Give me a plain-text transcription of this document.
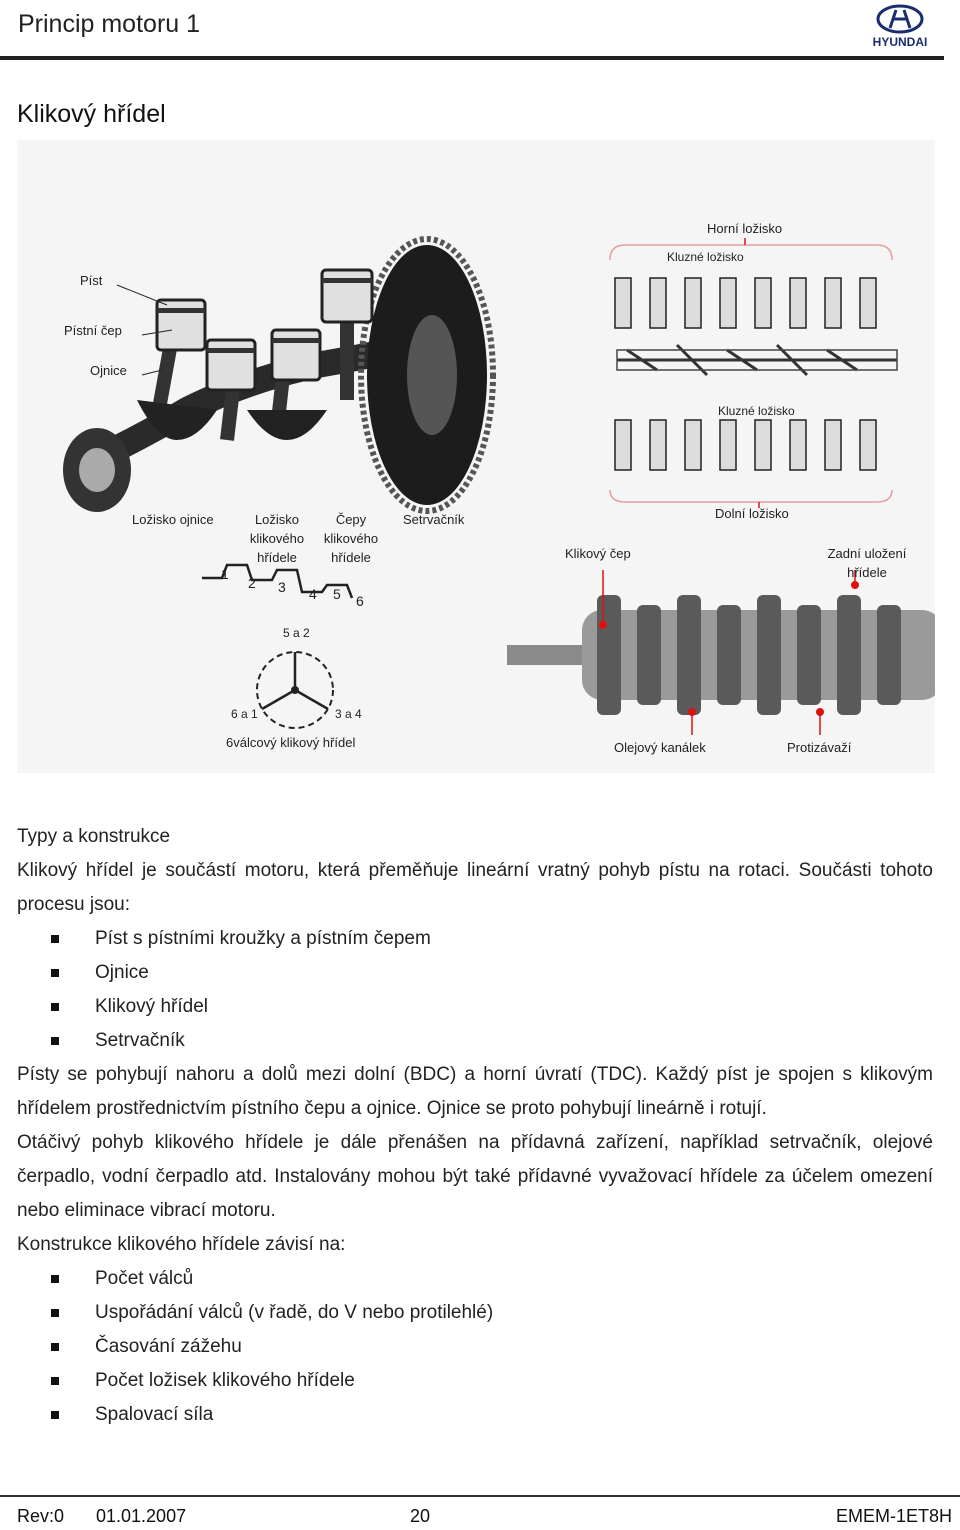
Princip motoru 1
HYUNDAI
Klikový hřídel
Píst
Pístní čep
Ojnice
Ložisko ojnice	Ložisko klikového hřídele
Čepy klikového hřídele
Setrvačník
Horní ložisko
Kluzné ložisko
Kluzné ložisko
Dolní ložisko
Klikový čep	Zadní uložení hřídele
Olejový kanálek	Protizávaží
1
2 3 4 5 6
5 a 2
6 a 1	3 a 4
6válcový klikový hřídel

Typy a konstrukce

Klikový hřídel je součástí motoru, která přeměňuje lineární vratný pohyb pístu na rotaci. Součásti tohoto procesu jsou:

Píst s pístními kroužky a pístním čepem
Ojnice
Klikový hřídel
Setrvačník

Písty se pohybují nahoru a dolů mezi dolní (BDC) a horní úvratí (TDC). Každý píst je spojen s klikovým hřídelem prostřednictvím pístního čepu a ojnice. Ojnice se proto pohybují lineárně i rotují.

Otáčivý pohyb klikového hřídele je dále přenášen na přídavná zařízení, například setrvačník, olejové čerpadlo, vodní čerpadlo atd. Instalovány mohou být také přídavné vyvažovací hřídele za účelem omezení nebo eliminace vibrací motoru.

Konstrukce klikového hřídele závisí na:

Počet válců
Uspořádání válců (v řadě, do V nebo protilehlé)
Časování zážehu
Počet ložisek klikového hřídele
Spalovací síla
Rev:0 01.01.2007	20	EMEM-1ET8H
